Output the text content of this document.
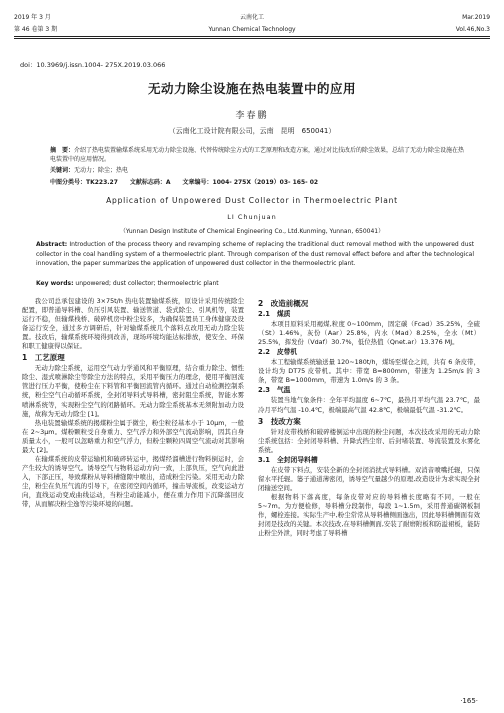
2019 年 3 月	云南化工	Mar.2019
第 46 卷第 3 期	Yunnan Chemical Technology	Vol.46,No.3
doi：10.3969/j.issn.1004- 275X.2019.03.066
无动力除尘设施在热电装置中的应用
李春鹏
（云南化工设计院有限公司，云南　昆明　650041）
摘　要：介绍了热电装置输煤系统采用无动力除尘设施、代替传统除尘方式的工艺原理和改造方案，通过对比技改后的除尘效果，总结了无动力除尘设施在热电装置中的应用情况。
关键词：无动力；除尘；热电
中图分类号：TK223.27　　文献标志码：A　　文章编号：1004- 275X（2019）03- 165- 02
Application of Unpowered Dust Collector in Thermoelectric Plant
LI Chunjuan
（Yunnan Design Institute of Chemical Engineering Co., Ltd.Kunming, Yunnan, 650041）
Abstract: Introduction of the process theory and revamping scheme of replacing the traditional duct removal method with the unpowered dust collector in the coal handling system of a thermoelectric plant. Through comparison of the dust removal effect before and after the technological innovation, the paper summarizes the application of unpowered dust collector in the thermoelectric plant.
Key words: unpowered; dust collector; thermoelectric plant

我公司总承包建设的 3×75t/h 热电装置输煤系统，原设计采用传统除尘配置，即普通导料槽、负压引风装置、输送管道、袋式除尘、引风机等，装置运行不稳，但输煤栈桥、破碎机房中粉尘较多，为确保装置员工身体健康及设备运行安全，通过多方调研后，针对输煤系统几个落料点改用无动力除尘装置。技改后，输煤系统环境得到改善，现场环境均能达标排放，使安全、环保和职工健康得以保证。

1　工艺原理

无动力除尘系统，运用空气动力学通风和平衡原理，结合重力除尘、惯性除尘、湿式喷淋除尘等除尘方法的特点，采用平衡压力的理念，使用平衡回流管进行压力平衡，使粉尘在下料管和平衡回流管内循环。通过自动检测控制系统，粉尘空气自动循环系统，全封闭导料式导料槽，密封阻尘系统，智能水雾喷淋系统等，实现粉尘空气的闭路循环。无动力除尘系统基本无须附加动力设施，故称为无动力除尘 [1]。

热电装置输煤系统的揭煤粉尘属于微尘，粉尘粒径基本小于 10μm，一般在 2~3μm。煤粉颗粒受自身重力、空气浮力和外部空气流动影响，因其自身质量太小，一般可以忽略重力和空气浮力，但粉尘颗粒四周空气流动对其影响最大 [2]。

在输煤系统的皮带运输机和破碎转运中，揭煤经溜槽进行物料倒运时，会产生较大的诱导空气。诱导空气与物料运动方向一致，上部负压，空气向此进入，下部正压，导致煤粉从导料槽缝隙中喷出，造成粉尘污染。采用无动力除尘，粉尘在负压气流的引导下，在密闭空间内循环，撞击导流板，改变运动方向，直线运动变成曲线运动，当粉尘动能减小，便在重力作用下沉降落回皮带，从而解决粉尘逸等污染环境的问题。

2　改造前概况
2.1　煤质

本项目原料采用褐煤,粒度 0~100mm，固定碳（Fcad）35.25%，全硫（St）1.46%，灰份（Aar）25.8%，内水（Mad）8.25%，全水（Mt）25.5%，挥发份（Vdaf）30.7%，低位热值（Qnet.ar）13.376 MJ。

2.2　皮带机

本工程输煤系统输送量 120~180t/h，煤场至煤仓之间，共有 6 条皮带，设计均为 DT75 皮带机。其中：带宽 B=800mm，带速为 1.25m/s 的 3 条，带宽 B=1000mm，带速为 1.0m/s 的 3 条。

2.3　气温

装置当地气象条件：全年平均温度 6~7℃，最热月平均气温 23.7℃，最冷月平均气温 -10.4℃，极端最高气温 42.8℃，极端最低气温 -31.2℃。

3　技改方案

针对皮带栈桥和破碎楼倒运中出现的粉尘问题，本次技改采用的无动力除尘系统包括：全封闭导料槽、升降式挡尘帘、后封堵装置、导流装置及水雾化系统。

3.1　全封闭导料槽

在皮带下料点，安装全新的全封闭消扰式导料槽。双消音喷嘴托辊，只保留水平托辊。篓子通道薄密闭，诱导空气量越少的原理,改造设计为求实现全封闭输送空间。

根据物料下落高度，每条皮带对应的导料槽长度略有不同，一般在 5~7m。为方便检修，导料槽分段制作，每段 1~1.5m，采用普通碳钢板制作，螺栓连接。实际生产中,粉尘常常从导料槽侧面逸出，因此导料槽侧面有效封闭是技改的关键。本次技改,在导料槽侧面,安装了耐磨附板和防溢裙板，能防止粉尘外泄，同时考虑了导料槽

·165·
